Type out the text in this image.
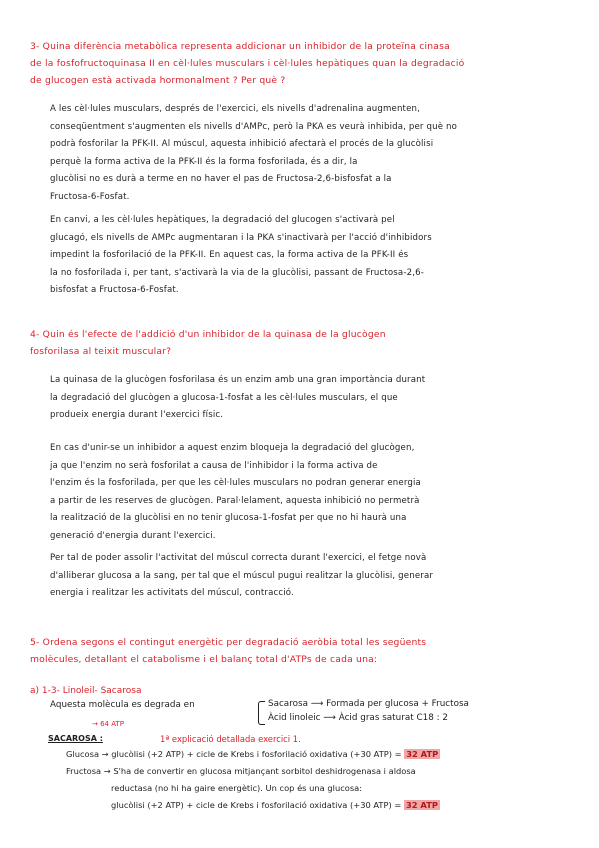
3- Quina diferència metabòlica representa addicionar un inhibidor de la proteïna cinasa
de la fosfofructoquinasa II en cèl·lules musculars i cèl·lules hepàtiques quan la degradació
de glucogen està activada hormonalment ? Per què ?
A les cèl·lules musculars, després de l'exercici, els nivells d'adrenalina augmenten,
conseqüentment s'augmenten els nivells d'AMPc, però la PKA es veurà inhibida, per què no
podrà fosforilar la PFK-II. Al múscul, aquesta inhibició afectarà el procés de la glucòlisi
perquè la forma activa de la PFK-II és la forma fosforilada, és a dir, la
glucòlisi no es durà a terme en no haver el pas de Fructosa-2,6-bisfosfat a la
Fructosa-6-Fosfat.
En canvi, a les cèl·lules hepàtiques, la degradació del glucogen s'activarà pel
glucagó, els nivells de AMPc augmentaran i la PKA s'inactivarà per l'acció d'inhibidors
impedint la fosforilació de la PFK-II. En aquest cas, la forma activa de la PFK-II és
la no fosforilada i, per tant, s'activarà la via de la glucòlisi, passant de Fructosa-2,6-
bisfosfat a Fructosa-6-Fosfat.
4- Quin és l'efecte de l'addició d'un inhibidor de la quinasa de la glucògen
fosforilasa al teixit muscular?
La quinasa de la glucògen fosforilasa és un enzim amb una gran importància durant
la degradació del glucògen a glucosa-1-fosfat a les cèl·lules musculars, el que
produeix energia durant l'exercici físic.
En cas d'unir-se un inhibidor a aquest enzim bloqueja la degradació del glucògen,
ja que l'enzim no serà fosforilat a causa de l'inhibidor i la forma activa de
l'enzim és la fosforilada, per que les cèl·lules musculars no podran generar energia
a partir de les reserves de glucògen. Paral·lelament, aquesta inhibició no permetrà
la realització de la glucòlisi en no tenir glucosa-1-fosfat per que no hi haurà una
generació d'energia durant l'exercici.
Per tal de poder assolir l'activitat del múscul correcta durant l'exercici, el fetge novà
d'alliberar glucosa a la sang, per tal que el múscul pugui realitzar la glucòlisi, generar
energia i realitzar les activitats del múscul, contracció.
5- Ordena segons el contingut energètic per degradació aeròbia total les següents
molècules, detallant el catabolisme i el balanç total d'ATPs de cada una:
a) 1-3- Linoleil- Sacarosa
Aquesta molècula es degrada en	Sacarosa ⟶ Formada per glucosa + Fructosa
Àcid linoleic ⟶ Àcid gras saturat C18 : 2
→ 64 ATP
SACAROSA :	1ª explicació detallada exercici 1.
Glucosa → glucòlisi (+2 ATP) + cicle de Krebs i fosforilació oxidativa (+30 ATP) = 32 ATP
Fructosa → S'ha de convertir en glucosa mitjançant sorbitol deshidrogenasa i aldosa
reductasa (no hi ha gaire energètic). Un cop és una glucosa:
glucòlisi (+2 ATP) + cicle de Krebs i fosforilació oxidativa (+30 ATP) = 32 ATP
